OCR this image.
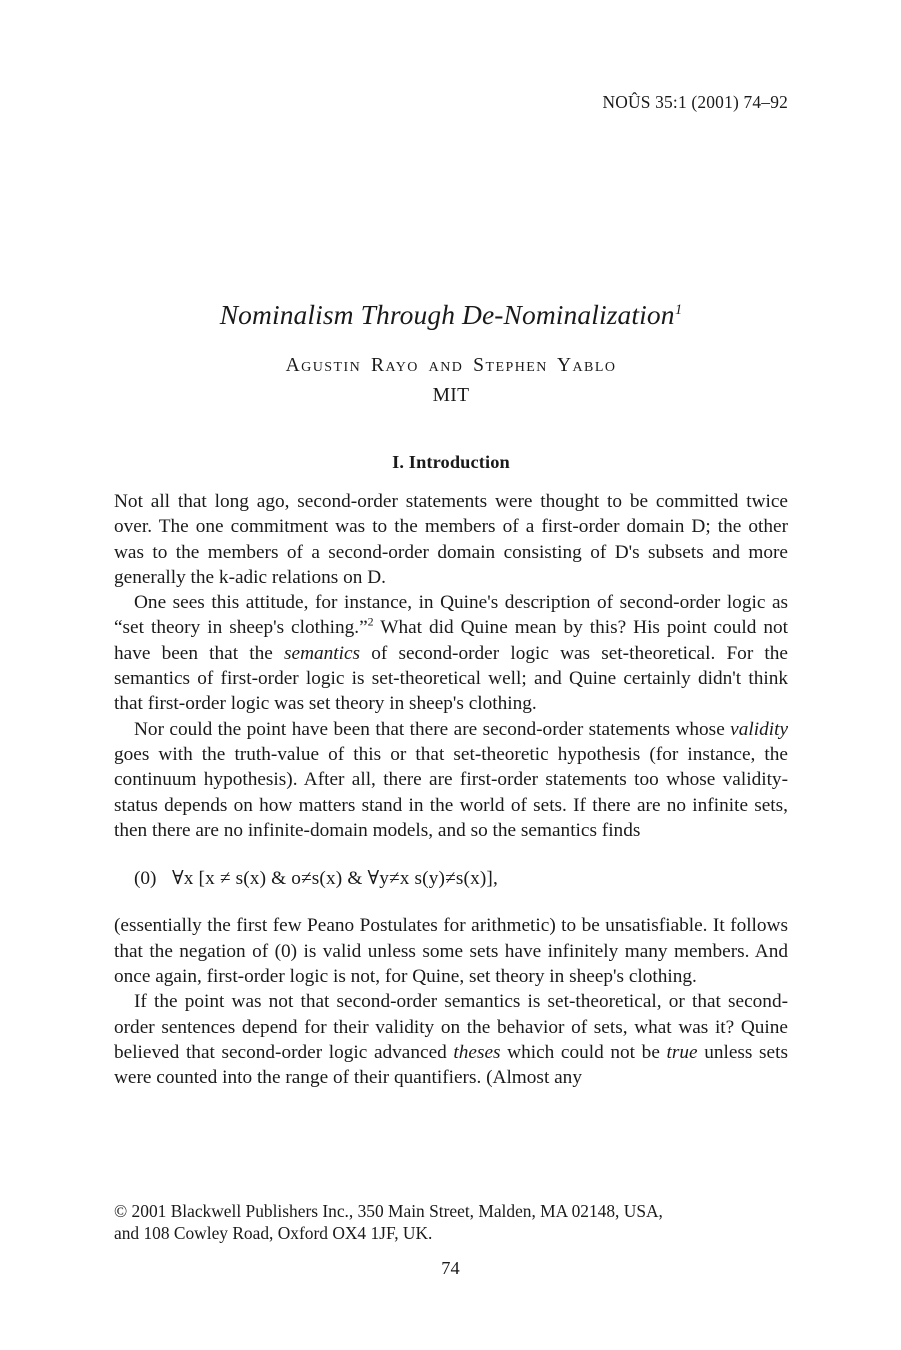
NOÛS 35:1 (2001) 74–92
Nominalism Through De-Nominalization$^1$
Agustin Rayo and Stephen Yablo
MIT
I. Introduction

Not all that long ago, second-order statements were thought to be committed twice over. The one commitment was to the members of a first-order domain D; the other was to the members of a second-order domain consisting of D's subsets and more generally the k-adic relations on D.

One sees this attitude, for instance, in Quine's description of second-order logic as “set theory in sheep's clothing.”$^2$ What did Quine mean by this? His point could not have been that the semantics of second-order logic was set-theoretical. For the semantics of first-order logic is set-theoretical well; and Quine certainly didn't think that first-order logic was set theory in sheep's clothing.

Nor could the point have been that there are second-order statements whose validity goes with the truth-value of this or that set-theoretic hypothesis (for instance, the continuum hypothesis). After all, there are first-order statements too whose validity-status depends on how matters stand in the world of sets. If there are no infinite sets, then there are no infinite-domain models, and so the semantics finds

(0) ∀x [x ≠ s(x) & o≠s(x) & ∀y≠x s(y)≠s(x)],

(essentially the first few Peano Postulates for arithmetic) to be unsatisfiable. It follows that the negation of (0) is valid unless some sets have infinitely many members. And once again, first-order logic is not, for Quine, set theory in sheep's clothing.

If the point was not that second-order semantics is set-theoretical, or that second-order sentences depend for their validity on the behavior of sets, what was it? Quine believed that second-order logic advanced theses which could not be true unless sets were counted into the range of their quantifiers. (Almost any

© 2001 Blackwell Publishers Inc., 350 Main Street, Malden, MA 02148, USA,
and 108 Cowley Road, Oxford OX4 1JF, UK.
74
